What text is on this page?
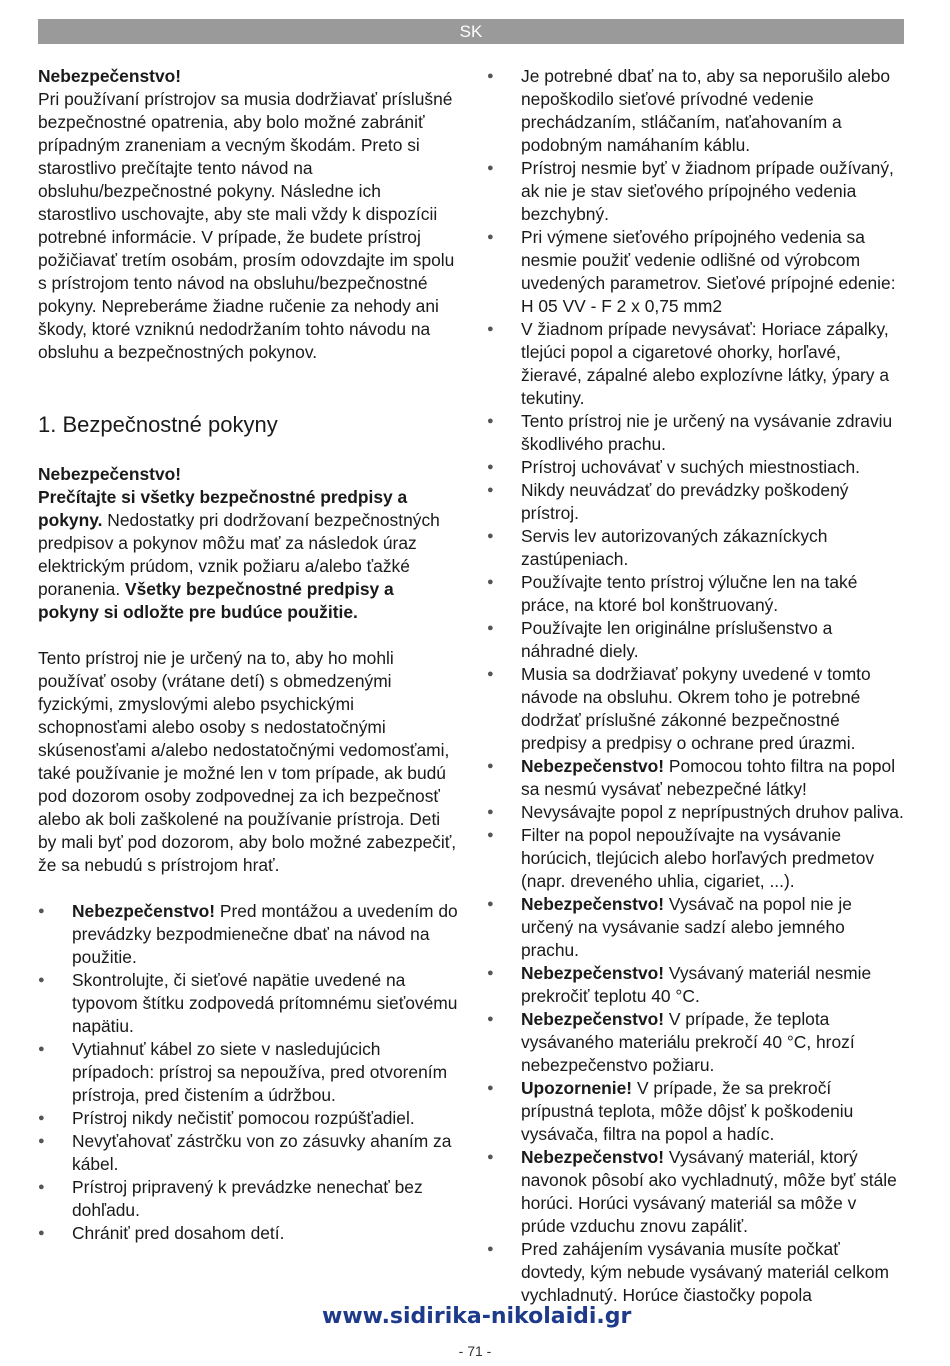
SK

Nebezpečenstvo!
Pri používaní prístrojov sa musia dodržiavať príslušné bezpečnostné opatrenia, aby bolo možné zabrániť prípadným zraneniam a vecným škodám. Preto si starostlivo prečítajte tento návod na obsluhu/bezpečnostné pokyny. Následne ich starostlivo uschovajte, aby ste mali vždy k dispozícii potrebné informácie. V prípade, že budete prístroj požičiavať tretím osobám, prosím odovzdajte im spolu s prístrojom tento návod na obsluhu/bezpečnostné pokyny. Nepreberáme žiadne ručenie za nehody ani škody, ktoré vzniknú nedodržaním tohto návodu na obsluhu a bezpečnostných pokynov.

1. Bezpečnostné pokyny

Nebezpečenstvo!
Prečítajte si všetky bezpečnostné predpisy a pokyny. Nedostatky pri dodržovaní bezpečnostných predpisov a pokynov môžu mať za následok úraz elektrickým prúdom, vznik požiaru a/alebo ťažké poranenia. Všetky bezpečnostné predpisy a pokyny si odložte pre budúce použitie.

Tento prístroj nie je určený na to, aby ho mohli používať osoby (vrátane detí) s obmedzenými fyzickými, zmyslovými alebo psychickými schopnosťami alebo osoby s nedostatočnými skúsenosťami a/alebo nedostatočnými vedomosťami, také používanie je možné len v tom prípade, ak budú pod dozorom osoby zodpovednej za ich bezpečnosť alebo ak boli zaškolené na používanie prístroja. Deti by mali byť pod dozorom, aby bolo možné zabezpečiť, že sa nebudú s prístrojom hrať.

● Nebezpečenstvo! Pred montážou a uvedením do prevádzky bezpodmienečne dbať na návod na použitie.
● Skontrolujte, či sieťové napätie uvedené na typovom štítku zodpovedá prítomnému sieťovému napätiu.
● Vytiahnuť kábel zo siete v nasledujúcich prípadoch: prístroj sa nepoužíva, pred otvorením prístroja, pred čistením a údržbou.
● Prístroj nikdy nečistiť pomocou rozpúšťadiel.
● Nevyťahovať zástrčku von zo zásuvky ahaním za kábel.
● Prístroj pripravený k prevádzke nenechať bez dohľadu.
● Chrániť pred dosahom detí.
● Je potrebné dbať na to, aby sa neporušilo alebo nepoškodilo sieťové prívodné vedenie prechádzaním, stláčaním, naťahovaním a podobným namáhaním káblu.
● Prístroj nesmie byť v žiadnom prípade oužívaný, ak nie je stav sieťového prípojného vedenia bezchybný.
● Pri výmene sieťového prípojného vedenia sa nesmie použiť vedenie odlišné od výrobcom uvedených parametrov. Sieťové prípojné edenie: H 05 VV - F 2 x 0,75 mm2
● V žiadnom prípade nevysávať: Horiace zápalky, tlejúci popol a cigaretové ohorky, horľavé, žieravé, zápalné alebo explozívne látky, ýpary a tekutiny.
● Tento prístroj nie je určený na vysávanie zdraviu škodlivého prachu.
● Prístroj uchovávať v suchých miestnostiach.
● Nikdy neuvádzať do prevádzky poškodený prístroj.
● Servis lev autorizovaných zákazníckych zastúpeniach.
● Používajte tento prístroj výlučne len na také práce, na ktoré bol konštruovaný.
● Používajte len originálne príslušenstvo a náhradné diely.
● Musia sa dodržiavať pokyny uvedené v tomto návode na obsluhu. Okrem toho je potrebné dodržať príslušné zákonné bezpečnostné predpisy a predpisy o ochrane pred úrazmi.
● Nebezpečenstvo! Pomocou tohto filtra na popol sa nesmú vysávať nebezpečné látky!
● Nevysávajte popol z neprípustných druhov paliva.
● Filter na popol nepoužívajte na vysávanie horúcich, tlejúcich alebo horľavých predmetov (napr. dreveného uhlia, cigariet, ...).
● Nebezpečenstvo! Vysávač na popol nie je určený na vysávanie sadzí alebo jemného prachu.
● Nebezpečenstvo! Vysávaný materiál nesmie prekročiť teplotu 40 °C.
● Nebezpečenstvo! V prípade, že teplota vysávaného materiálu prekročí 40 °C, hrozí nebezpečenstvo požiaru.
● Upozornenie! V prípade, že sa prekročí prípustná teplota, môže dôjsť k poškodeniu vysávača, filtra na popol a hadíc.
● Nebezpečenstvo! Vysávaný materiál, ktorý navonok pôsobí ako vychladnutý, môže byť stále horúci. Horúci vysávaný materiál sa môže v prúde vzduchu znovu zapáliť.
● Pred zahájením vysávania musíte počkať dovtedy, kým nebude vysávaný materiál celkom vychladnutý. Horúce čiastočky popola
www.sidirika-nikolaidi.gr
- 71 -
